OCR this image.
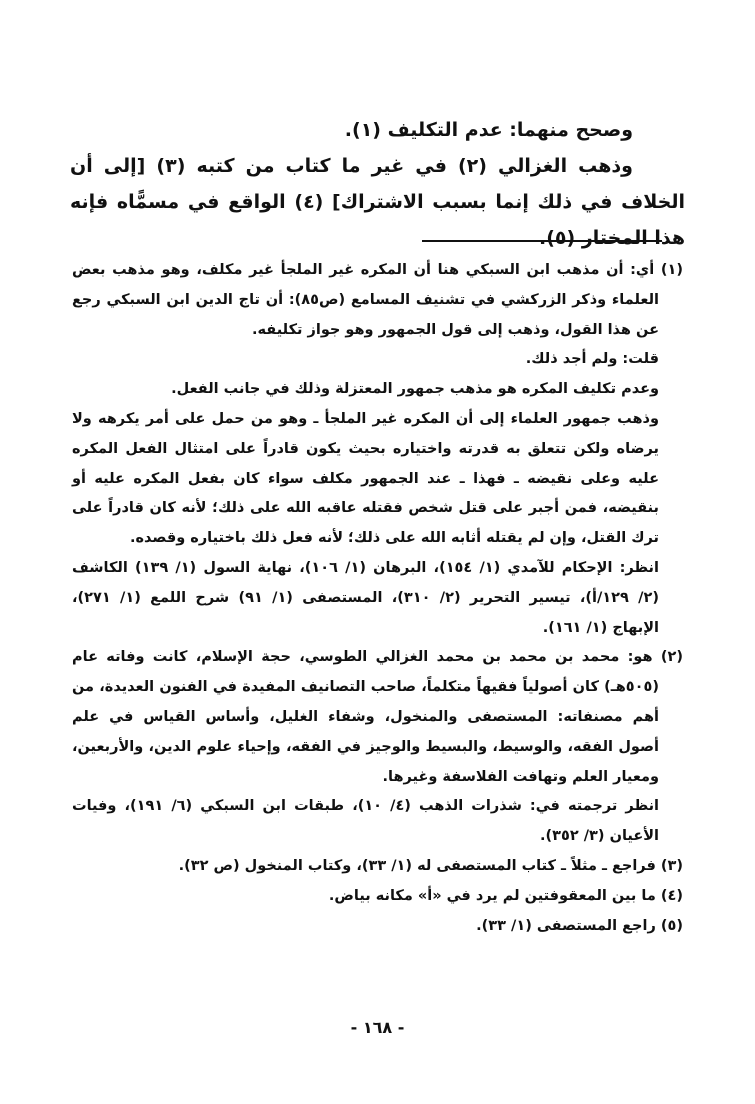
وصحح منهما: عدم التكليف (١).

وذهب الغزالي (٢) في غير ما كتاب من كتبه (٣) [إلى أن الخلاف في ذلك إنما بسبب الاشتراك] (٤) الواقع في مسمًّاه فإنه هذا المختار (٥).

(١) أي: أن مذهب ابن السبكي هنا أن المكره غير الملجأ غير مكلف، وهو مذهب بعض العلماء وذكر الزركشي في تشنيف المسامع (ص٨٥): أن تاج الدين ابن السبكي رجع عن هذا القول، وذهب إلى قول الجمهور وهو جواز تكليفه.

قلت: ولم أجد ذلك.

وعدم تكليف المكره هو مذهب جمهور المعتزلة وذلك في جانب الفعل.

وذهب جمهور العلماء إلى أن المكره غير الملجأ ـ وهو من حمل على أمر يكرهه ولا يرضاه ولكن تتعلق به قدرته واختياره بحيث يكون قادراً على امتثال الفعل المكره عليه وعلى نقيضه ـ فهذا ـ عند الجمهور مكلف سواء كان بفعل المكره عليه أو بنقيضه، فمن أجبر على قتل شخص فقتله عاقبه الله على ذلك؛ لأنه كان قادراً على ترك القتل، وإن لم يقتله أثابه الله على ذلك؛ لأنه فعل ذلك باختياره وقصده.

انظر: الإحكام للآمدي (١/ ١٥٤)، البرهان (١/ ١٠٦)، نهاية السول (١/ ١٣٩) الكاشف (٢/ ١٢٩/أ)، تيسير التحرير (٢/ ٣١٠)، المستصفى (١/ ٩١) شرح اللمع (١/ ٢٧١)، الإبهاج (١/ ١٦١).

(٢) هو: محمد بن محمد بن محمد الغزالي الطوسي، حجة الإسلام، كانت وفاته عام (٥٠٥هـ) كان أصولياً فقيهاً متكلماً، صاحب التصانيف المفيدة في الفنون العديدة، من أهم مصنفاته: المستصفى والمنخول، وشفاء الغليل، وأساس القياس في علم أصول الفقه، والوسيط، والبسيط والوجيز في الفقه، وإحياء علوم الدين، والأربعين، ومعيار العلم وتهافت الفلاسفة وغيرها.

انظر ترجمته في: شذرات الذهب (٤/ ١٠)، طبقات ابن السبكي (٦/ ١٩١)، وفيات الأعيان (٣/ ٣٥٢).

(٣) فراجع ـ مثلاً ـ كتاب المستصفى له (١/ ٣٣)، وكتاب المنخول (ص ٣٢).

(٤) ما بين المعقوفتين لم يرد في «أ» مكانه بياض.

(٥) راجع المستصفى (١/ ٣٣).

- ١٦٨ -
